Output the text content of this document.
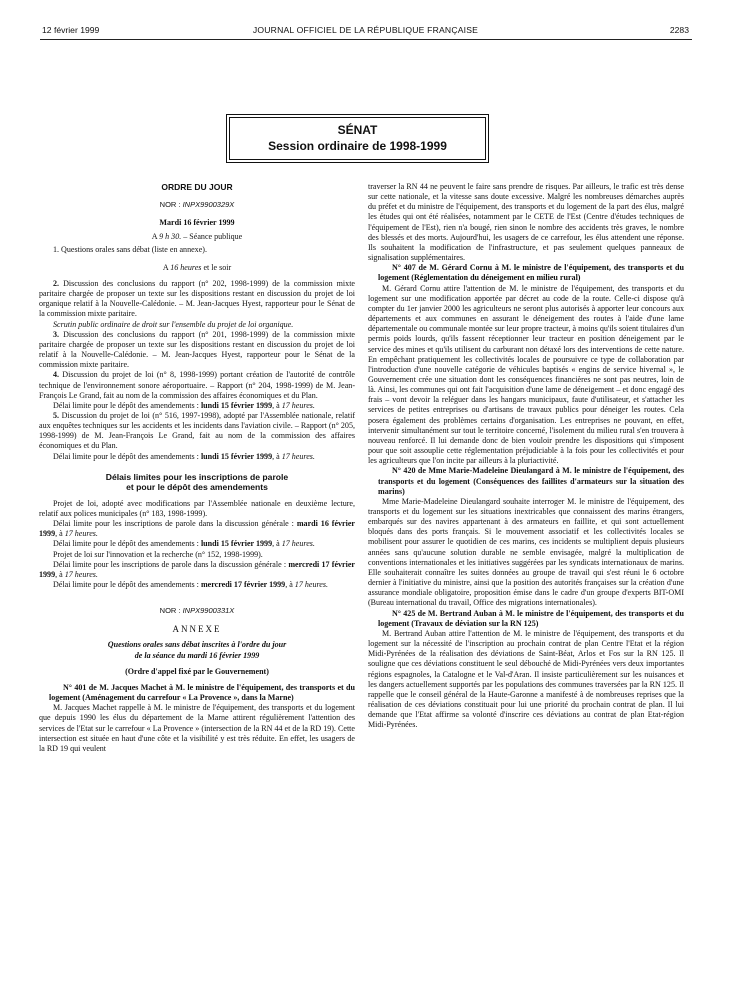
12 février 1999	JOURNAL OFFICIEL DE LA RÉPUBLIQUE FRANÇAISE	2283
SÉNAT
Session ordinaire de 1998-1999
ORDRE DU JOUR
NOR : INPX9900329X
Mardi 16 février 1999
A 9 h 30. – Séance publique

1. Questions orales sans débat (liste en annexe).

A 16 heures et le soir

2. Discussion des conclusions du rapport (n° 202, 1998-1999) de la commission mixte paritaire chargée de proposer un texte sur les dispositions restant en discussion du projet de loi organique relatif à la Nouvelle-Calédonie. – M. Jean-Jacques Hyest, rapporteur pour le Sénat de la commission mixte paritaire.

Scrutin public ordinaire de droit sur l'ensemble du projet de loi organique.

3. Discussion des conclusions du rapport (n° 201, 1998-1999) de la commission mixte paritaire chargée de proposer un texte sur les dispositions restant en discussion du projet de loi relatif à la Nouvelle-Calédonie. – M. Jean-Jacques Hyest, rapporteur pour le Sénat de la commission mixte paritaire.

4. Discussion du projet de loi (n° 8, 1998-1999) portant création de l'autorité de contrôle technique de l'environnement sonore aéroportuaire. – Rapport (n° 204, 1998-1999) de M. Jean-François Le Grand, fait au nom de la commission des affaires économiques et du Plan.

Délai limite pour le dépôt des amendements : lundi 15 février 1999, à 17 heures.

5. Discussion du projet de loi (n° 516, 1997-1998), adopté par l'Assemblée nationale, relatif aux enquêtes techniques sur les accidents et les incidents dans l'aviation civile. – Rapport (n° 205, 1998-1999) de M. Jean-François Le Grand, fait au nom de la commission des affaires économiques et du Plan.

Délai limite pour le dépôt des amendements : lundi 15 février 1999, à 17 heures.

Délais limites pour les inscriptions de parole
et pour le dépôt des amendements

Projet de loi, adopté avec modifications par l'Assemblée nationale en deuxième lecture, relatif aux polices municipales (n° 183, 1998-1999).

Délai limite pour les inscriptions de parole dans la discussion générale : mardi 16 février 1999, à 17 heures.

Délai limite pour le dépôt des amendements : lundi 15 février 1999, à 17 heures.

Projet de loi sur l'innovation et la recherche (n° 152, 1998-1999).

Délai limite pour les inscriptions de parole dans la discussion générale : mercredi 17 février 1999, à 17 heures.

Délai limite pour le dépôt des amendements : mercredi 17 février 1999, à 17 heures.

NOR : INPX9900331X
ANNEXE
Questions orales sans débat inscrites à l'ordre du jour
de la séance du mardi 16 février 1999
(Ordre d'appel fixé par le Gouvernement)

N° 401 de M. Jacques Machet à M. le ministre de l'équipement, des transports et du logement (Aménagement du carrefour « La Provence », dans la Marne)

M. Jacques Machet rappelle à M. le ministre de l'équipement, des transports et du logement que depuis 1990 les élus du département de la Marne attirent régulièrement l'attention des services de l'Etat sur le carrefour « La Provence » (intersection de la RN 44 et de la RD 19). Cette intersection est située en haut d'une côte et la visibilité y est très réduite. En effet, les usagers de la RD 19 qui veulent

traverser la RN 44 ne peuvent le faire sans prendre de risques. Par ailleurs, le trafic est très dense sur cette nationale, et la vitesse sans doute excessive. Malgré les nombreuses démarches auprès du préfet et du ministre de l'équipement, des transports et du logement de la part des élus, malgré les études qui ont été réalisées, notamment par le CETE de l'Est (Centre d'études techniques de l'équipement de l'Est), rien n'a bougé, rien sinon le nombre des accidents très graves, le nombre des blessés et des morts. Aujourd'hui, les usagers de ce carrefour, les élus attendent une réponse. Ils souhaitent la modification de l'infrastructure, et pas seulement quelques panneaux de signalisation supplémentaires.

N° 407 de M. Gérard Cornu à M. le ministre de l'équipement, des transports et du logement (Réglementation du déneigement en milieu rural)

M. Gérard Cornu attire l'attention de M. le ministre de l'équipement, des transports et du logement sur une modification apportée par décret au code de la route. Celle-ci dispose qu'à compter du 1er janvier 2000 les agriculteurs ne seront plus autorisés à apporter leur concours aux départements et aux communes en assurant le déneigement des routes à l'aide d'une lame départementale ou communale montée sur leur propre tracteur, à moins qu'ils soient titulaires d'un permis poids lourds, qu'ils fassent réceptionner leur tracteur en position déneigement par le service des mines et qu'ils utilisent du carburant non détaxé lors des interventions de cette nature. En empêchant pratiquement les collectivités locales de poursuivre ce type de collaboration par l'introduction d'une nouvelle catégorie de véhicules baptisés « engins de service hivernal », le Gouvernement crée une situation dont les conséquences financières ne sont pas neutres, loin de là. Ainsi, les communes qui ont fait l'acquisition d'une lame de déneigement – et donc engagé des frais – vont devoir la reléguer dans les hangars municipaux, faute d'utilisateur, et s'attacher les services de petites entreprises ou d'artisans de travaux publics pour déneiger les routes. Cela posera également des problèmes certains d'organisation. Les entreprises ne pouvant, en effet, intervenir simultanément sur tout le territoire concerné, l'isolement du milieu rural s'en trouvera à nouveau renforcé. Il lui demande donc de bien vouloir prendre les dispositions qui s'imposent pour que soit assouplie cette réglementation préjudiciable à la fois pour les collectivités et pour les agriculteurs que l'on incite par ailleurs à la pluriactivité.

N° 420 de Mme Marie-Madeleine Dieulangard à M. le ministre de l'équipement, des transports et du logement (Conséquences des faillites d'armateurs sur la situation des marins)

Mme Marie-Madeleine Dieulangard souhaite interroger M. le ministre de l'équipement, des transports et du logement sur les situations inextricables que connaissent des marins étrangers, embarqués sur des navires appartenant à des armateurs en faillite, et qui sont actuellement bloqués dans des ports français. Si le mouvement associatif et les collectivités locales se mobilisent pour assurer le quotidien de ces marins, ces incidents se multiplient depuis plusieurs années sans qu'aucune solution durable ne semble envisagée, malgré la multiplication de conventions internationales et les initiatives suggérées par les syndicats internationaux de marins. Elle souhaiterait connaître les suites données au groupe de travail qui s'est réuni le 6 octobre dernier à l'initiative du ministre, ainsi que la position des autorités françaises sur la création d'une assurance mondiale obligatoire, proposition émise dans le cadre d'un groupe d'experts BIT-OMI (Bureau international du travail, Office des migrations internationales).

N° 425 de M. Bertrand Auban à M. le ministre de l'équipement, des transports et du logement (Travaux de déviation sur la RN 125)

M. Bertrand Auban attire l'attention de M. le ministre de l'équipement, des transports et du logement sur la nécessité de l'inscription au prochain contrat de plan Centre l'Etat et la région Midi-Pyrénées de la réalisation des déviations de Saint-Béat, Arlos et Fos sur la RN 125. Il souligne que ces déviations constituent le seul débouché de Midi-Pyrénées vers deux importantes régions espagnoles, la Catalogne et le Val-d'Aran. Il insiste particulièrement sur les nuisances et les dangers actuellement supportés par les populations des communes traversées par la RN 125. Il rappelle que le conseil général de la Haute-Garonne a manifesté à de nombreuses reprises que la réalisation de ces déviations constituait pour lui une priorité du prochain contrat de plan. Il lui demande que l'Etat affirme sa volonté d'inscrire ces déviations au contrat de plan Etat-région Midi-Pyrénées.
